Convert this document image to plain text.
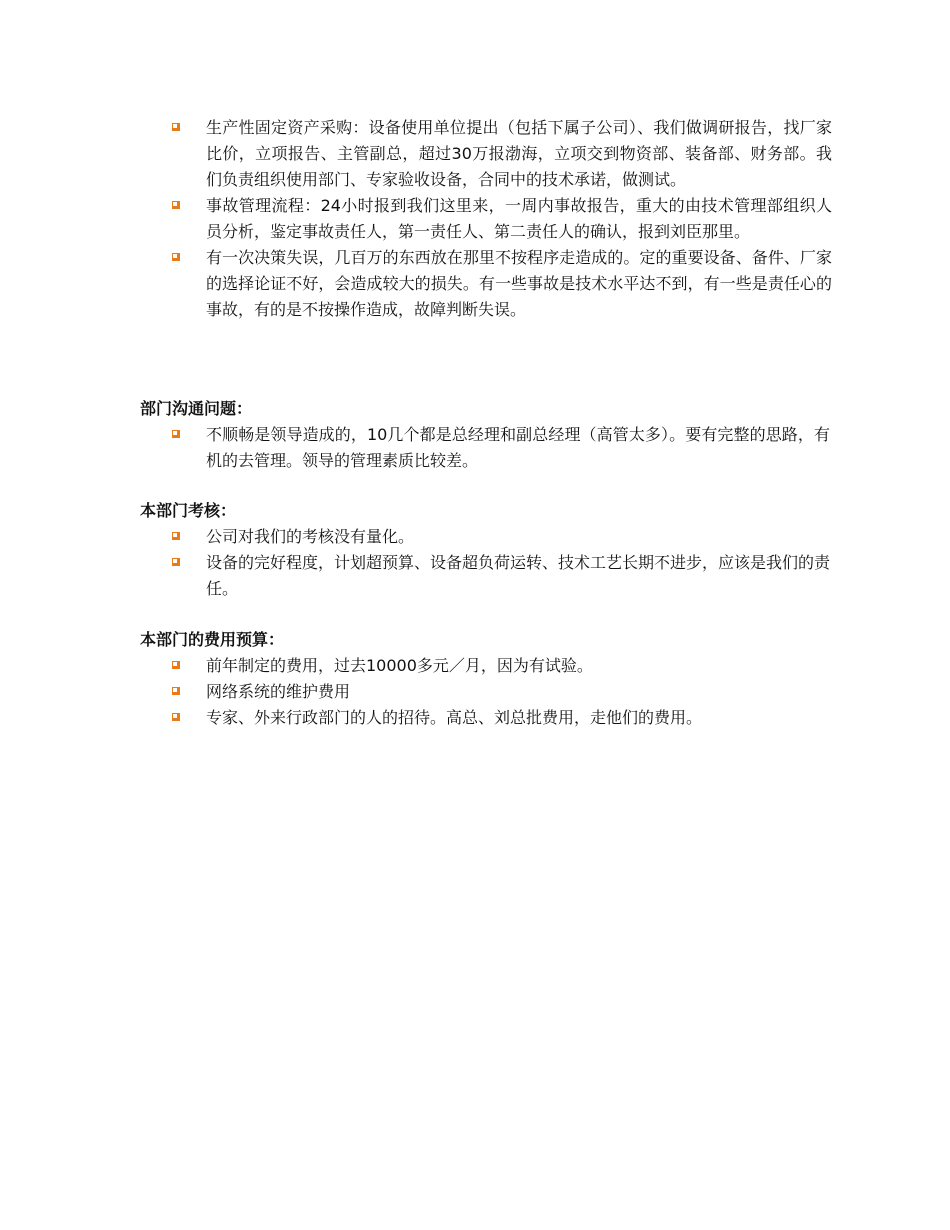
生产性固定资产采购：设备使用单位提出（包括下属子公司）、我们做调研报告，找厂家比价，立项报告、主管副总，超过30万报渤海，立项交到物资部、装备部、财务部。我们负责组织使用部门、专家验收设备，合同中的技术承诺，做测试。
事故管理流程：24小时报到我们这里来，一周内事故报告，重大的由技术管理部组织人员分析，鉴定事故责任人，第一责任人、第二责任人的确认，报到刘臣那里。
有一次决策失误，几百万的东西放在那里不按程序走造成的。定的重要设备、备件、厂家的选择论证不好，会造成较大的损失。有一些事故是技术水平达不到，有一些是责任心的事故，有的是不按操作造成，故障判断失误。

部门沟通问题：

不顺畅是领导造成的，10几个都是总经理和副总经理（高管太多）。要有完整的思路，有机的去管理。领导的管理素质比较差。

本部门考核：

公司对我们的考核没有量化。
设备的完好程度，计划超预算、设备超负荷运转、技术工艺长期不进步，应该是我们的责任。

本部门的费用预算：

前年制定的费用，过去10000多元／月，因为有试验。
网络系统的维护费用
专家、外来行政部门的人的招待。高总、刘总批费用，走他们的费用。
